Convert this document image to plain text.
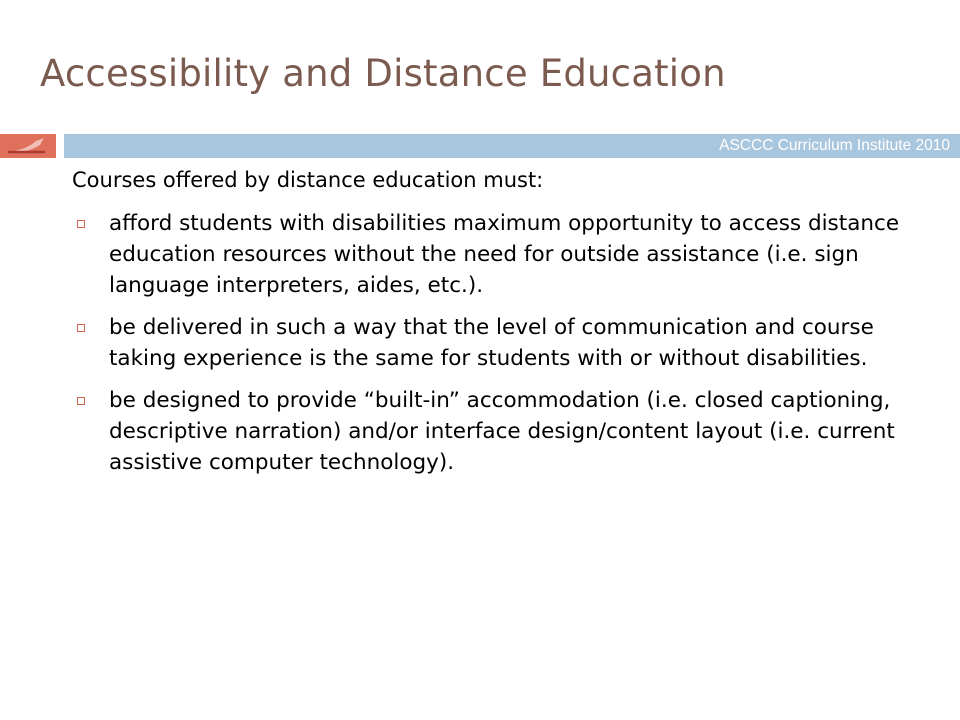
Accessibility and Distance Education
ASCCC Curriculum Institute 2010

Courses offered by distance education must:

afford students with disabilities maximum opportunity to access distance education resources without the need for outside assistance (i.e. sign language interpreters, aides, etc.).
be delivered in such a way that the level of communication and course taking experience is the same for students with or without disabilities.
be designed to provide “built-in” accommodation (i.e. closed captioning, descriptive narration) and/or interface design/content layout (i.e. current assistive computer technology).
